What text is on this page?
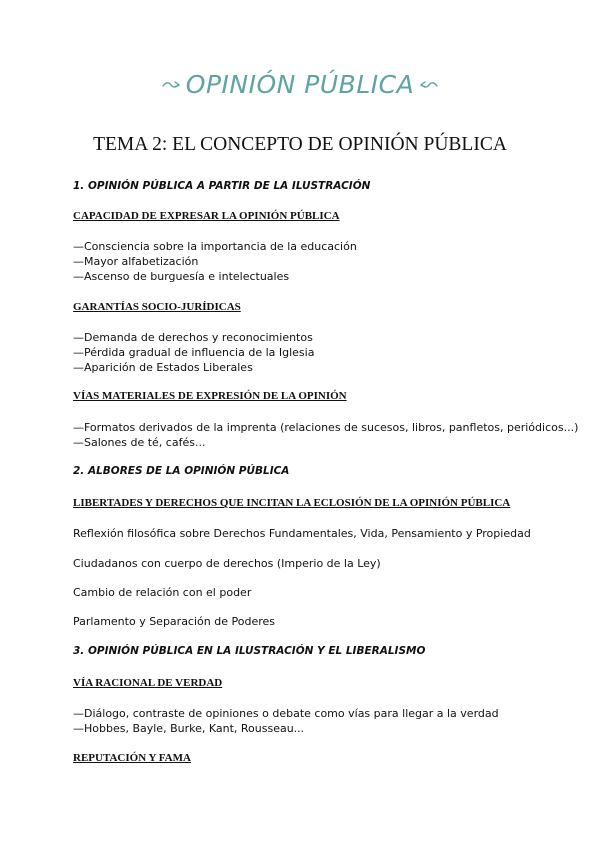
OPINIÓN PÚBLICA
TEMA 2: EL CONCEPTO DE OPINIÓN PÚBLICA
1. OPINIÓN PÚBLICA A PARTIR DE LA ILUSTRACIÓN
CAPACIDAD DE EXPRESAR LA OPINIÓN PÚBLICA
—Consciencia sobre la importancia de la educación
—Mayor alfabetización
—Ascenso de burguesía e intelectuales
GARANTÍAS SOCIO-JURÍDICAS
—Demanda de derechos y reconocimientos
—Pérdida gradual de influencia de la Iglesia
—Aparición de Estados Liberales
VÍAS MATERIALES DE EXPRESIÓN DE LA OPINIÓN
—Formatos derivados de la imprenta (relaciones de sucesos, libros, panfletos, periódicos...)
—Salones de té, cafés...
2. ALBORES DE LA OPINIÓN PÚBLICA
LIBERTADES Y DERECHOS QUE INCITAN LA ECLOSIÓN DE LA OPINIÓN PÚBLICA
Reflexión filosófica sobre Derechos Fundamentales, Vida, Pensamiento y Propiedad
Ciudadanos con cuerpo de derechos (Imperio de la Ley)
Cambio de relación con el poder
Parlamento y Separación de Poderes
3. OPINIÓN PÚBLICA EN LA ILUSTRACIÓN Y EL LIBERALISMO
VÍA RACIONAL DE VERDAD
—Diálogo, contraste de opiniones o debate como vías para llegar a la verdad
—Hobbes, Bayle, Burke, Kant, Rousseau...
REPUTACIÓN Y FAMA
